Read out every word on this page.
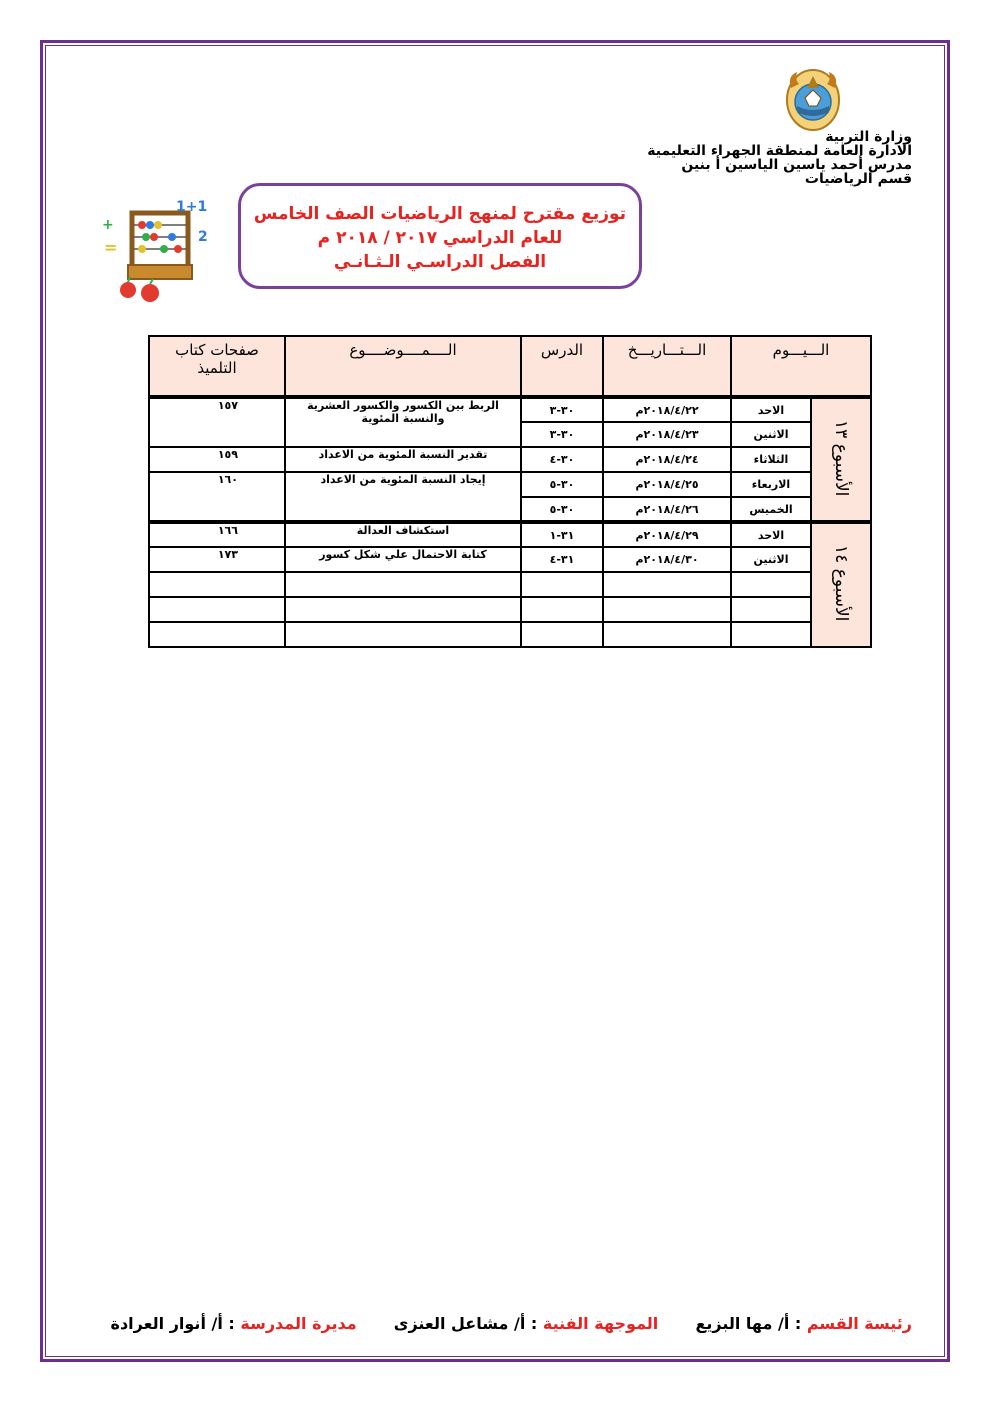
وزارة التربية
الادارة العامة لمنطقة الجهراء التعليمية
مدرس أحمد ياسين الياسين أ بنين
قسم الرياضيات
توزيع مقترح لمنهج الرياضيات الصف الخامس
للعام الدراسي ٢٠١٧ / ٢٠١٨ م
الفصل الدراسـي الـثـانـي
+
=
1+1
2
الـــيـــوم		الـــتـــاريـــخ	الدرس	الــــمــــوضــــوع	صفحات كتاب التلميذ
الأسبوع ١٣	الاحد	٢٠١٨/٤/٢٢م	٣٠-٣	الربط بين الكسور والكسور العشرية والنسبة المئوية	١٥٧
	الاثنين	٢٠١٨/٤/٢٣م	٣٠-٣		
	الثلاثاء	٢٠١٨/٤/٢٤م	٣٠-٤	تقدير النسبة المئوية من الاعداد	١٥٩
	الاربعاء	٢٠١٨/٤/٢٥م	٣٠-٥	إيجاد النسبة المئوية من الاعداد	١٦٠
	الخميس	٢٠١٨/٤/٢٦م	٣٠-٥		
الأسبوع ١٤	الاحد	٢٠١٨/٤/٢٩م	٣١-١	استكشاف العدالة	١٦٦
	الاثنين	٢٠١٨/٤/٣٠م	٣١-٤	كتابة الاحتمال علي شكل كسور	١٧٣

رئيسة القسم : أ/ مها البزيع  الموجهة الفنية : أ/ مشاعل العنزى  مديرة المدرسة : أ/ أنوار العرادة
